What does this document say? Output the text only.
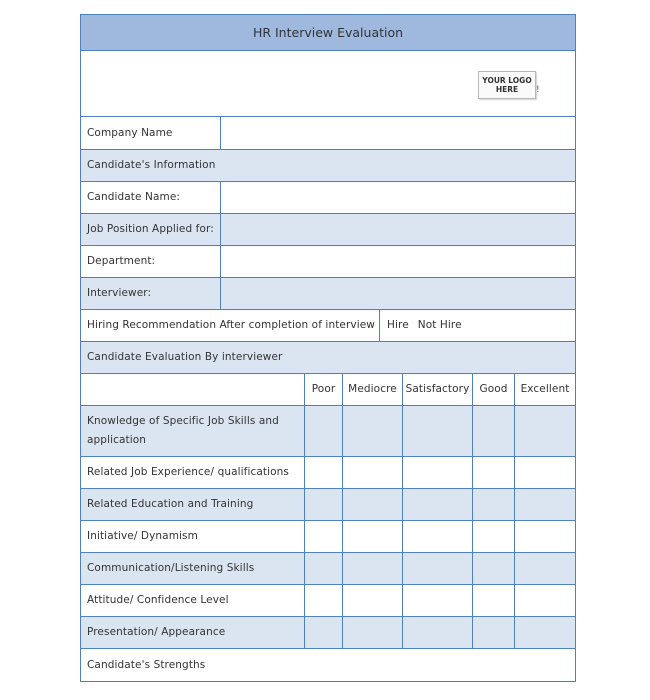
HR Interview Evaluation
YOUR LOGO
HERE !
Company Name
Candidate's Information
Candidate Name:
Job Position Applied for:
Department:
Interviewer:
Hiring Recommendation After completion of interview Hire Not Hire
Candidate Evaluation By interviewer
Poor	Mediocre Satisfactory Good	Excellent
Knowledge of Specific Job Skills and application
Related Job Experience/ qualifications
Related Education and Training
Initiative/ Dynamism
Communication/Listening Skills
Attitude/ Confidence Level
Presentation/ Appearance
Candidate's Strengths
